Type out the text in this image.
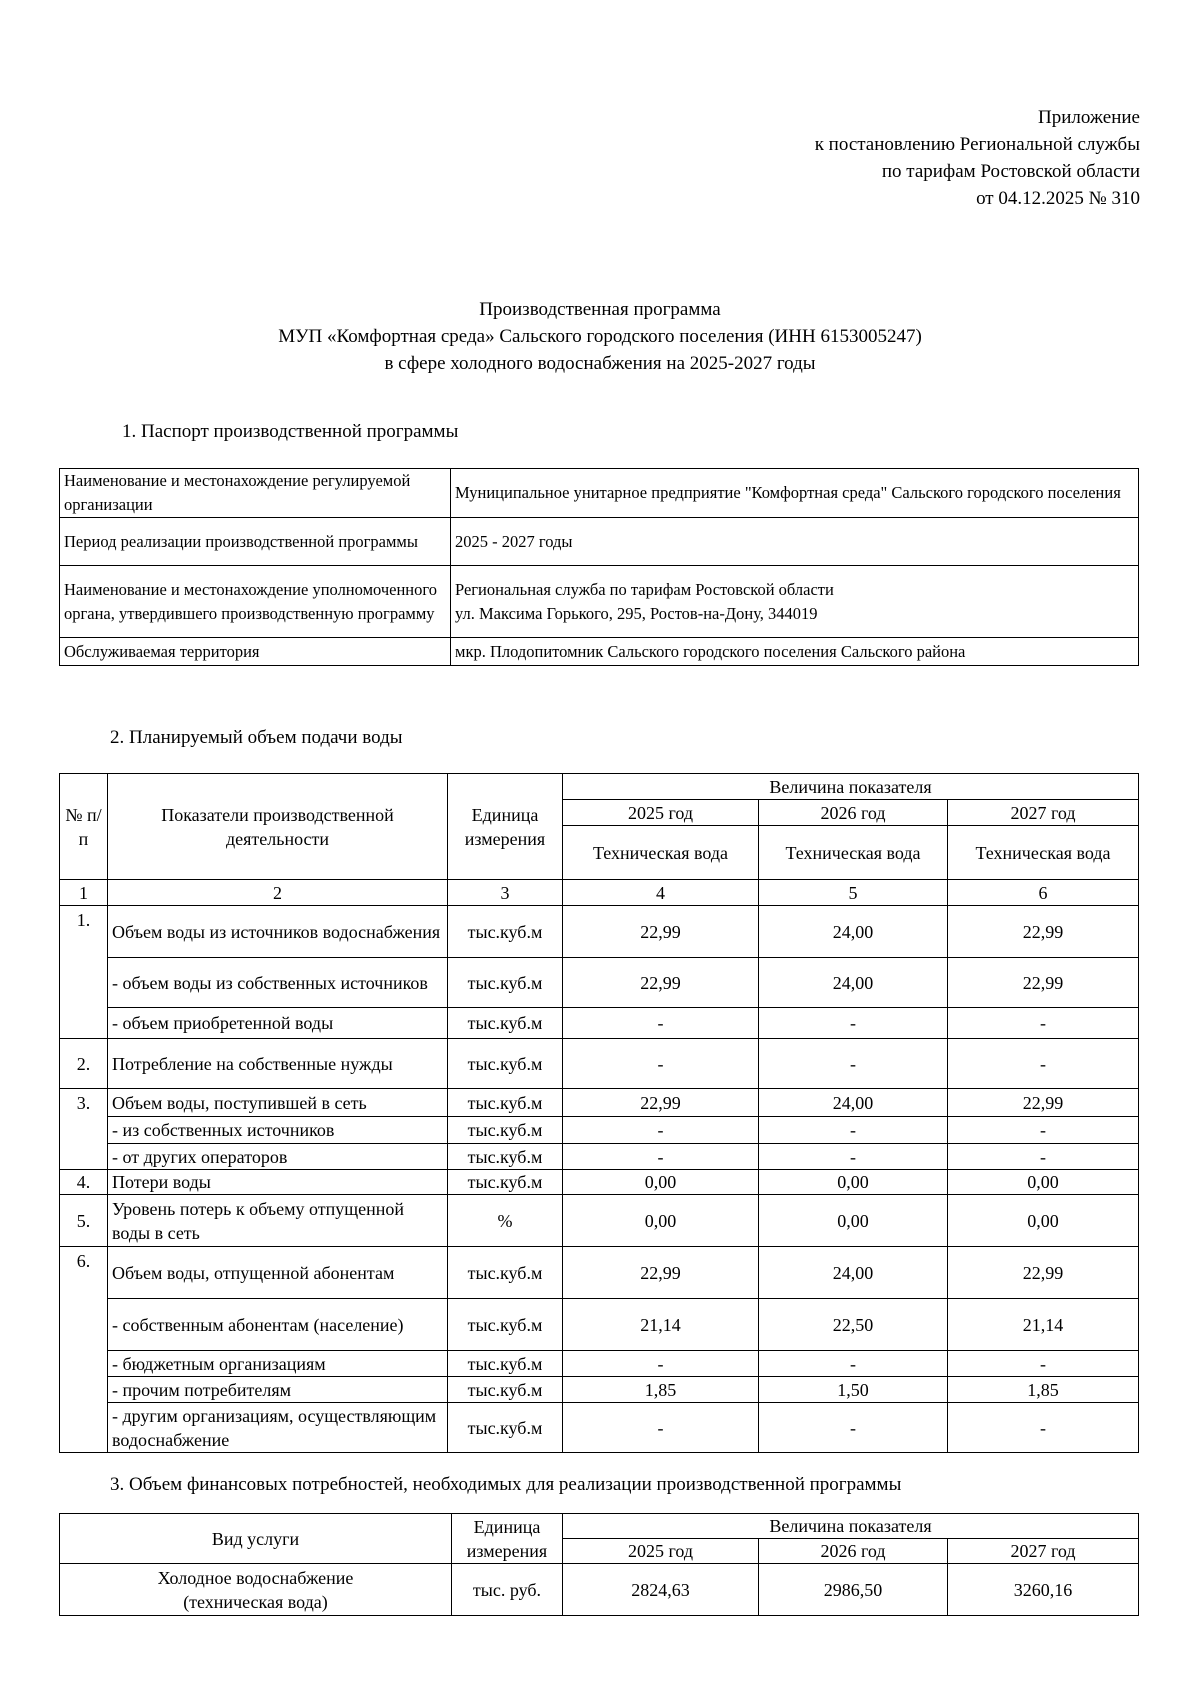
Приложение
к постановлению Региональной службы
по тарифам Ростовской области
от 04.12.2025 № 310
Производственная программа
МУП «Комфортная среда» Сальского городского поселения (ИНН 6153005247)
в сфере холодного водоснабжения на 2025-2027 годы
1. Паспорт производственной программы
Наименование и местонахождение регулируемой организации	Муниципальное унитарное предприятие "Комфортная среда" Сальского городского поселения
Период реализации производственной программы	2025 - 2027 годы
Наименование и местонахождение уполномоченного органа, утвердившего производственную программу	Региональная служба по тарифам Ростовской области
ул. Максима Горького, 295, Ростов-на-Дону, 344019

Обслуживаемая территория	мкр. Плодопитомник Сальского городского поселения Сальского района
2. Планируемый объем подачи воды
№ п/п	Показатели производственной деятельности	Единица измерения	Величина показателя		
			2025 год	2026 год	2027 год
			Техническая вода	Техническая вода	Техническая вода
1	2	3	4	5	6
1.	Объем воды из источников водоснабжения	тыс.куб.м	22,99	24,00	22,99
	- объем воды из собственных источников	тыс.куб.м	22,99	24,00	22,99
	- объем приобретенной воды	тыс.куб.м	-	-	-
2.	Потребление на собственные нужды	тыс.куб.м	-	-	-
3.	Объем воды, поступившей в сеть	тыс.куб.м	22,99	24,00	22,99
	- из собственных источников	тыс.куб.м	-	-	-
	- от других операторов	тыс.куб.м	-	-	-
4.	Потери воды	тыс.куб.м	0,00	0,00	0,00
5.	Уровень потерь к объему отпущенной воды в сеть	%	0,00	0,00	0,00
6.	Объем воды, отпущенной абонентам	тыс.куб.м	22,99	24,00	22,99
	- собственным абонентам (население)	тыс.куб.м	21,14	22,50	21,14
	- бюджетным организациям	тыс.куб.м	-	-	-
	- прочим потребителям	тыс.куб.м	1,85	1,50	1,85
	- другим организациям, осуществляющим водоснабжение	тыс.куб.м	-	-	-
3. Объем финансовых потребностей, необходимых для реализации производственной программы
Вид услуги	Единица измерения	Величина показателя		
		2025 год	2026 год	2027 год

Холодное водоснабжение
(техническая вода)	тыс. руб.	2824,63	2986,50	3260,16
